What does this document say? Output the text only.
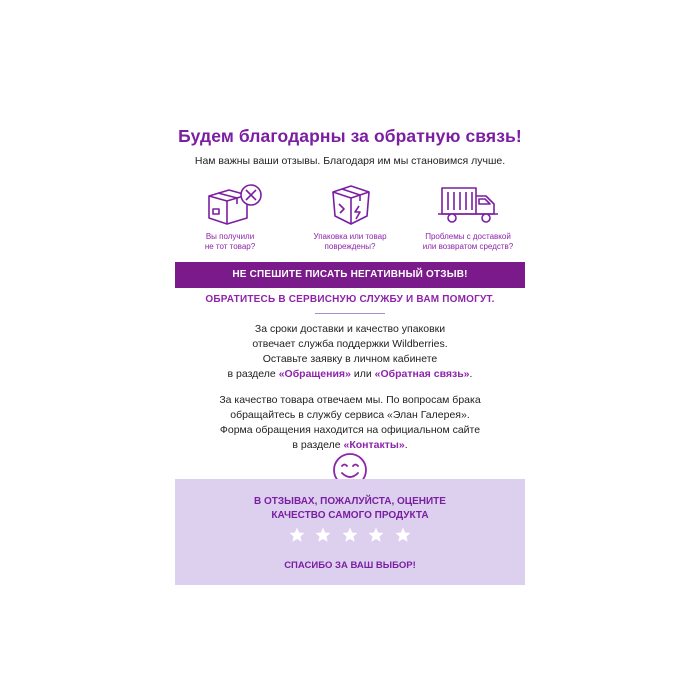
Будем благодарны за обратную связь!
Нам важны ваши отзывы. Благодаря им мы становимся лучше.
Вы получили
не тот товар?
Упаковка или товар
повреждены?
Проблемы с доставкой
или возвратом средств?
НЕ СПЕШИТЕ ПИСАТЬ НЕГАТИВНЫЙ ОТЗЫВ!
ОБРАТИТЕСЬ В СЕРВИСНУЮ СЛУЖБУ И ВАМ ПОМОГУТ.
За сроки доставки и качество упаковки
отвечает служба поддержки Wildberries.
Оставьте заявку в личном кабинете
в разделе «Обращения» или «Обратная связь».
За качество товара отвечаем мы. По вопросам брака
обращайтесь в службу сервиса «Элан Галерея».
Форма обращения находится на официальном сайте
в разделе «Контакты».
В ОТЗЫВАХ, ПОЖАЛУЙСТА, ОЦЕНИТЕ
КАЧЕСТВО САМОГО ПРОДУКТА
СПАСИБО ЗА ВАШ ВЫБОР!
